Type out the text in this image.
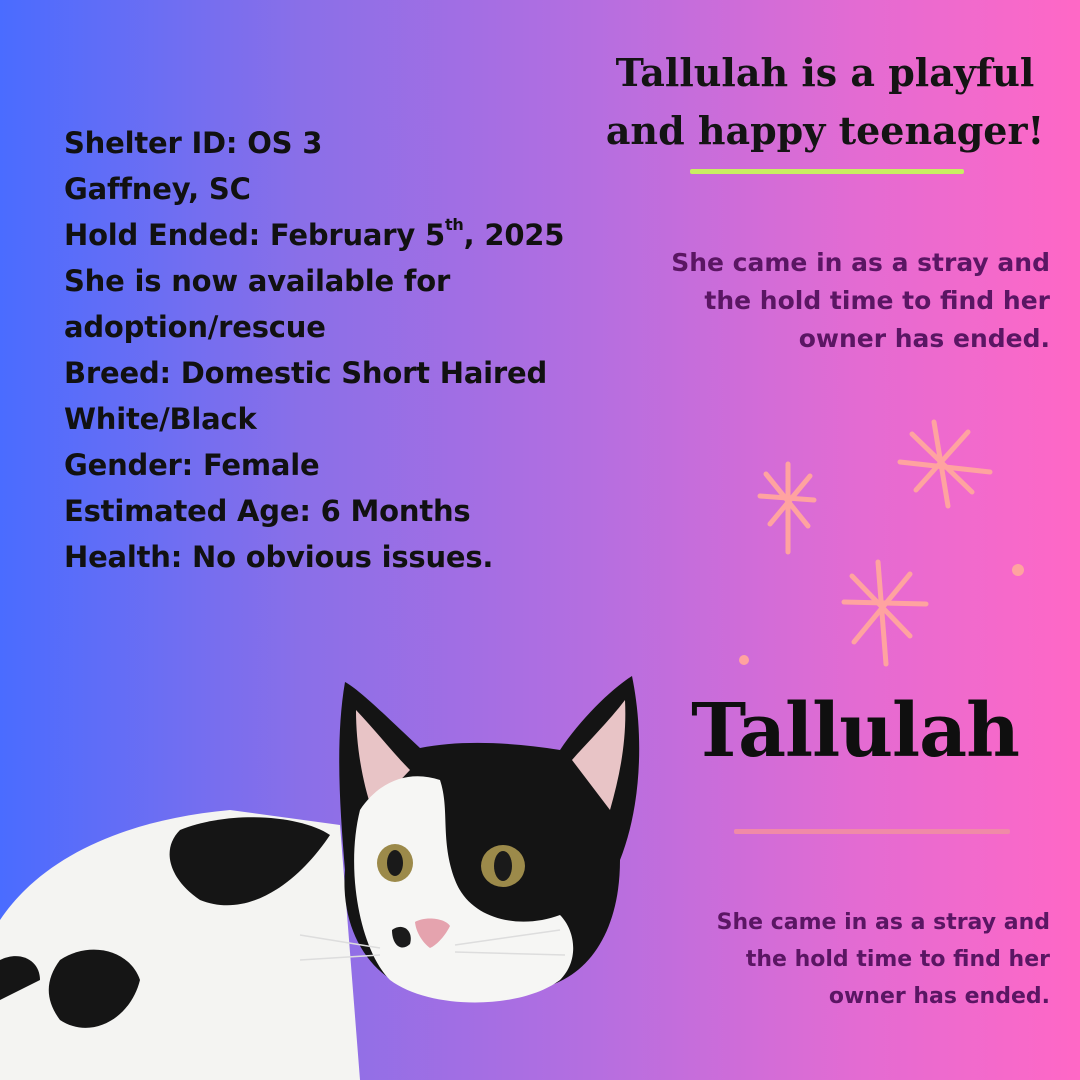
Shelter ID: OS 3
Gaffney, SC
Hold Ended: February 5th, 2025
She is now available for
adoption/rescue
Breed: Domestic Short Haired
White/Black
Gender: Female
Estimated Age: 6 Months
Health: No obvious issues.
Tallulah is a playful
and happy teenager!
She came in as a stray and
the hold time to find her
owner has ended.
Tallulah
She came in as a stray and
the hold time to find her
owner has ended.
